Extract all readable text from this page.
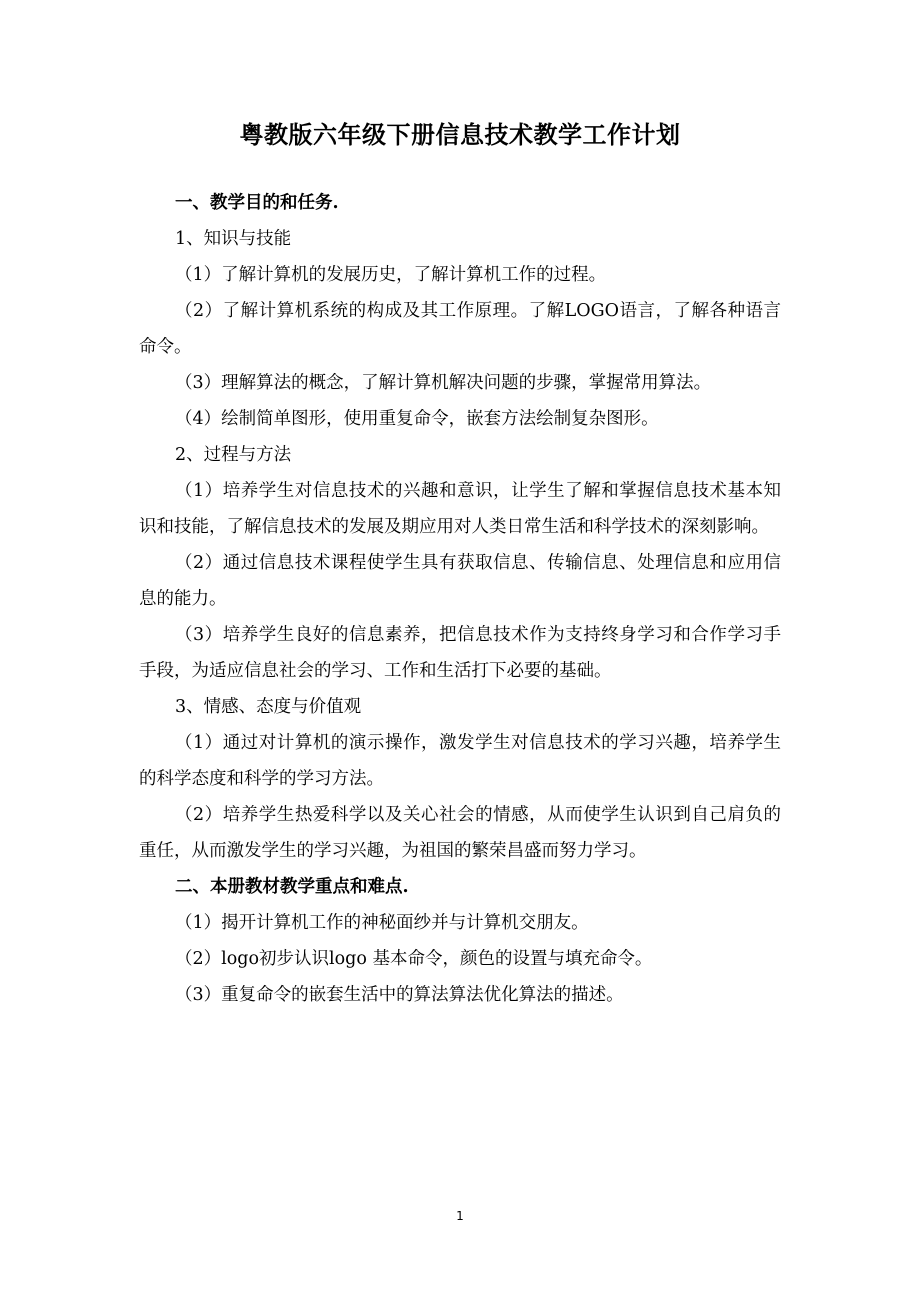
粤教版六年级下册信息技术教学工作计划

一、教学目的和任务.

1、知识与技能

（1）了解计算机的发展历史，了解计算机工作的过程。

（2）了解计算机系统的构成及其工作原理。了解LOGO语言，了解各种语言命令。

（3）理解算法的概念，了解计算机解决问题的步骤，掌握常用算法。

（4）绘制简单图形，使用重复命令，嵌套方法绘制复杂图形。

2、过程与方法

（1）培养学生对信息技术的兴趣和意识，让学生了解和掌握信息技术基本知识和技能，了解信息技术的发展及期应用对人类日常生活和科学技术的深刻影响。

（2）通过信息技术课程使学生具有获取信息、传输信息、处理信息和应用信息的能力。

（3）培养学生良好的信息素养，把信息技术作为支持终身学习和合作学习手手段，为适应信息社会的学习、工作和生活打下必要的基础。

3、情感、态度与价值观

（1）通过对计算机的演示操作，激发学生对信息技术的学习兴趣，培养学生的科学态度和科学的学习方法。

（2）培养学生热爱科学以及关心社会的情感，从而使学生认识到自己肩负的重任，从而激发学生的学习兴趣，为祖国的繁荣昌盛而努力学习。

二、本册教材教学重点和难点.

（1）揭开计算机工作的神秘面纱并与计算机交朋友。

（2）logo初步认识logo 基本命令，颜色的设置与填充命令。

（3）重复命令的嵌套生活中的算法算法优化算法的描述。

1
